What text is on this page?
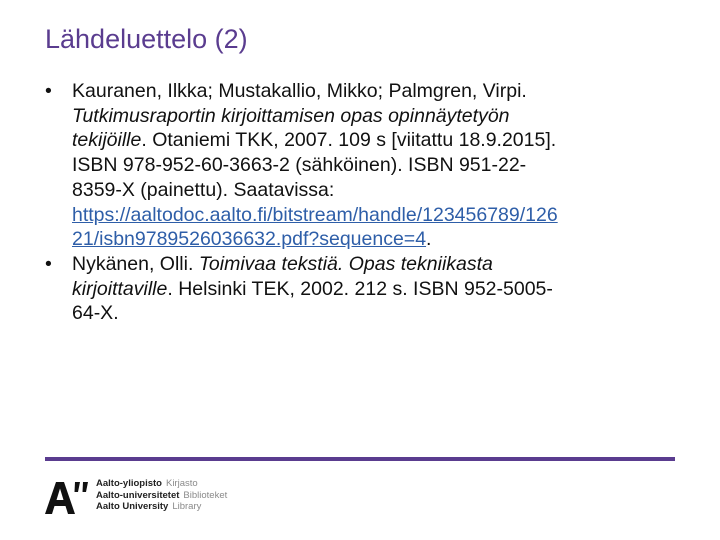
Lähdeluettelo (2)
• Kauranen, Ilkka; Mustakallio, Mikko; Palmgren, Virpi.
Tutkimusraportin kirjoittamisen opas opinnäytetyön
tekijöille. Otaniemi TKK, 2007. 109 s [viitattu 18.9.2015].
ISBN 978-952-60-3663-2 (sähköinen). ISBN 951-22-
8359-X (painettu). Saatavissa:
https://aaltodoc.aalto.fi/bitstream/handle/123456789/126
21/isbn9789526036632.pdf?sequence=4.
• Nykänen, Olli. Toimivaa tekstiä. Opas tekniikasta
kirjoittaville. Helsinki TEK, 2002. 212 s. ISBN 952-5005-
64-X.
Aalto-yliopisto Kirjasto
Aalto-universitetet Biblioteket
Aalto University Library
